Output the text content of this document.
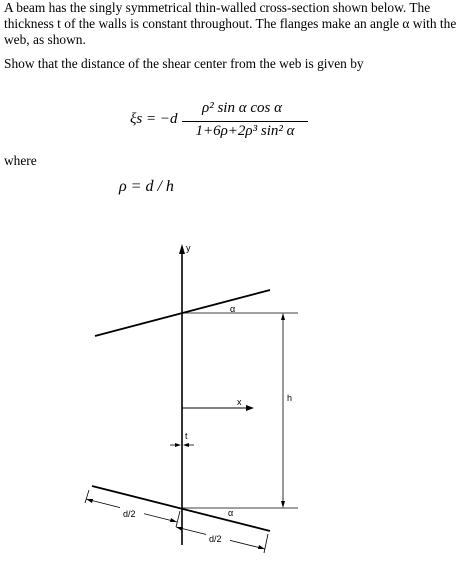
A beam has the singly symmetrical thin-walled cross-section shown below. The thickness t of the walls is constant throughout. The flanges make an angle α with the web, as shown.
Show that the distance of the shear center from the web is given by
ξs = −d
ρ² sin α cos α
1+6ρ+2ρ³ sin² α
where
ρ = d / h
y
h
x
t
α
α
d/2
d/2
